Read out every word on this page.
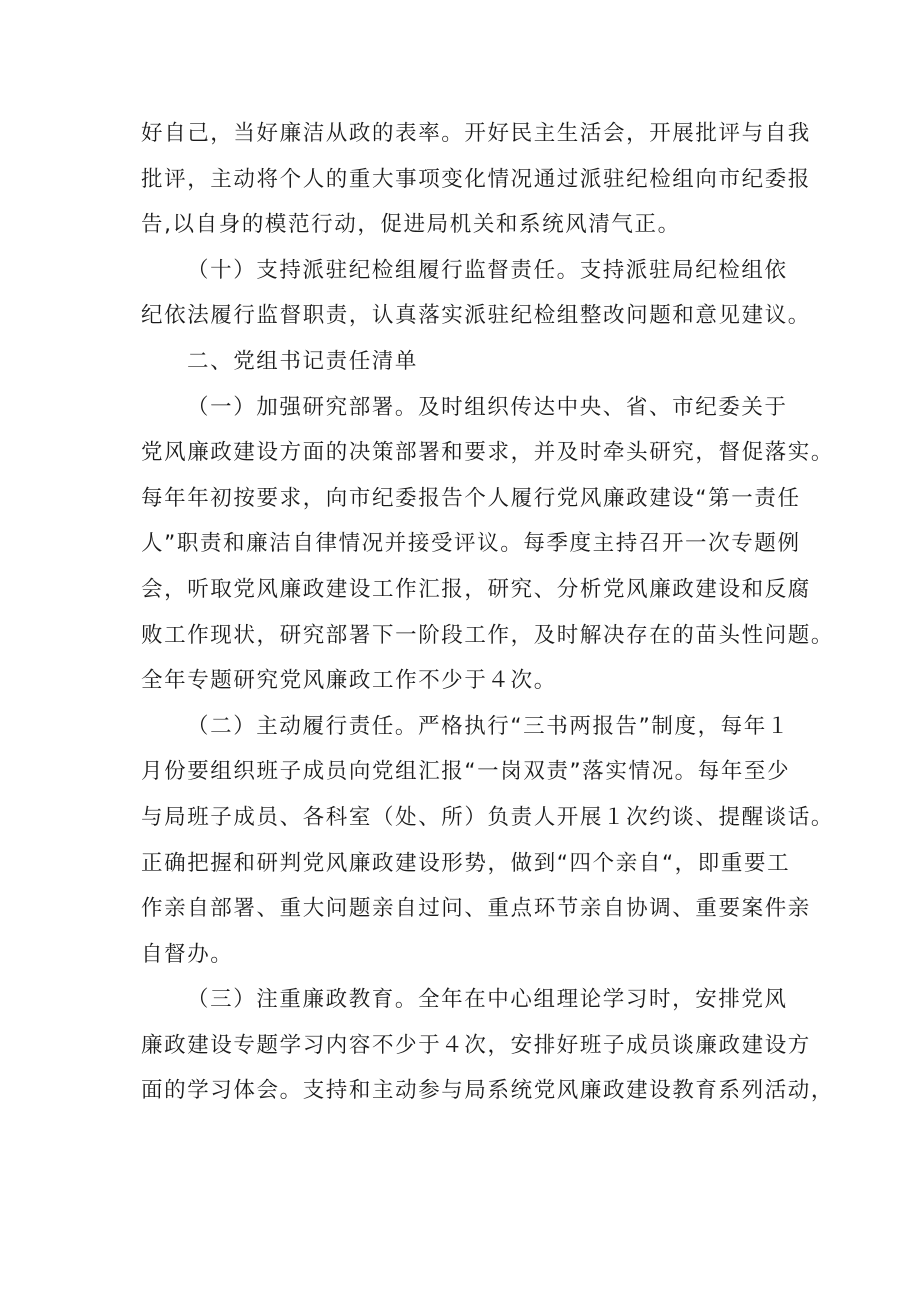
好自己，当好廉洁从政的表率。开好民主生活会，开展批评与自我
批评，主动将个人的重大事项变化情况通过派驻纪检组向市纪委报
告,以自身的模范行动，促进局机关和系统风清气正。
（十）支持派驻纪检组履行监督责任。支持派驻局纪检组依
纪依法履行监督职责，认真落实派驻纪检组整改问题和意见建议。
二、党组书记责任清单
（一）加强研究部署。及时组织传达中央、省、市纪委关于
党风廉政建设方面的决策部署和要求，并及时牵头研究，督促落实。
每年年初按要求，向市纪委报告个人履行党风廉政建设“第一责任
人”职责和廉洁自律情况并接受评议。每季度主持召开一次专题例
会，听取党风廉政建设工作汇报，研究、分析党风廉政建设和反腐
败工作现状，研究部署下一阶段工作，及时解决存在的苗头性问题。
全年专题研究党风廉政工作不少于４次。
（二）主动履行责任。严格执行“三书两报告”制度，每年１
月份要组织班子成员向党组汇报“一岗双责”落实情况。每年至少
与局班子成员、各科室（处、所）负责人开展１次约谈、提醒谈话。
正确把握和研判党风廉政建设形势，做到“四个亲自“，即重要工
作亲自部署、重大问题亲自过问、重点环节亲自协调、重要案件亲
自督办。
（三）注重廉政教育。全年在中心组理论学习时，安排党风
廉政建设专题学习内容不少于４次，安排好班子成员谈廉政建设方
面的学习体会。支持和主动参与局系统党风廉政建设教育系列活动，
